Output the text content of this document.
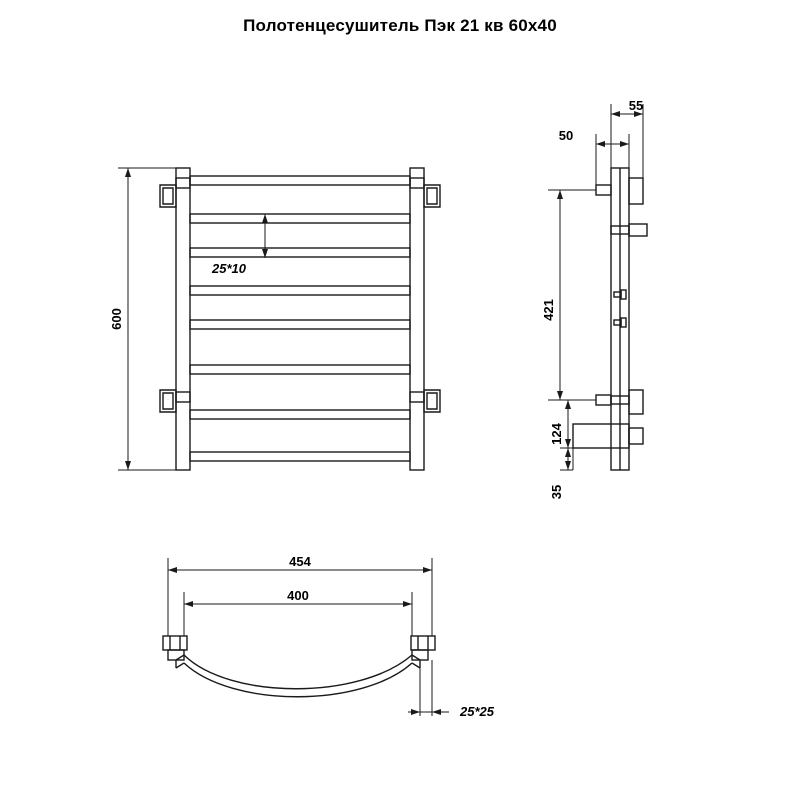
Полотенцесушитель Пэк 21 кв 60x40
600
25*10
55
50
421
124
35
454
400
25*25
